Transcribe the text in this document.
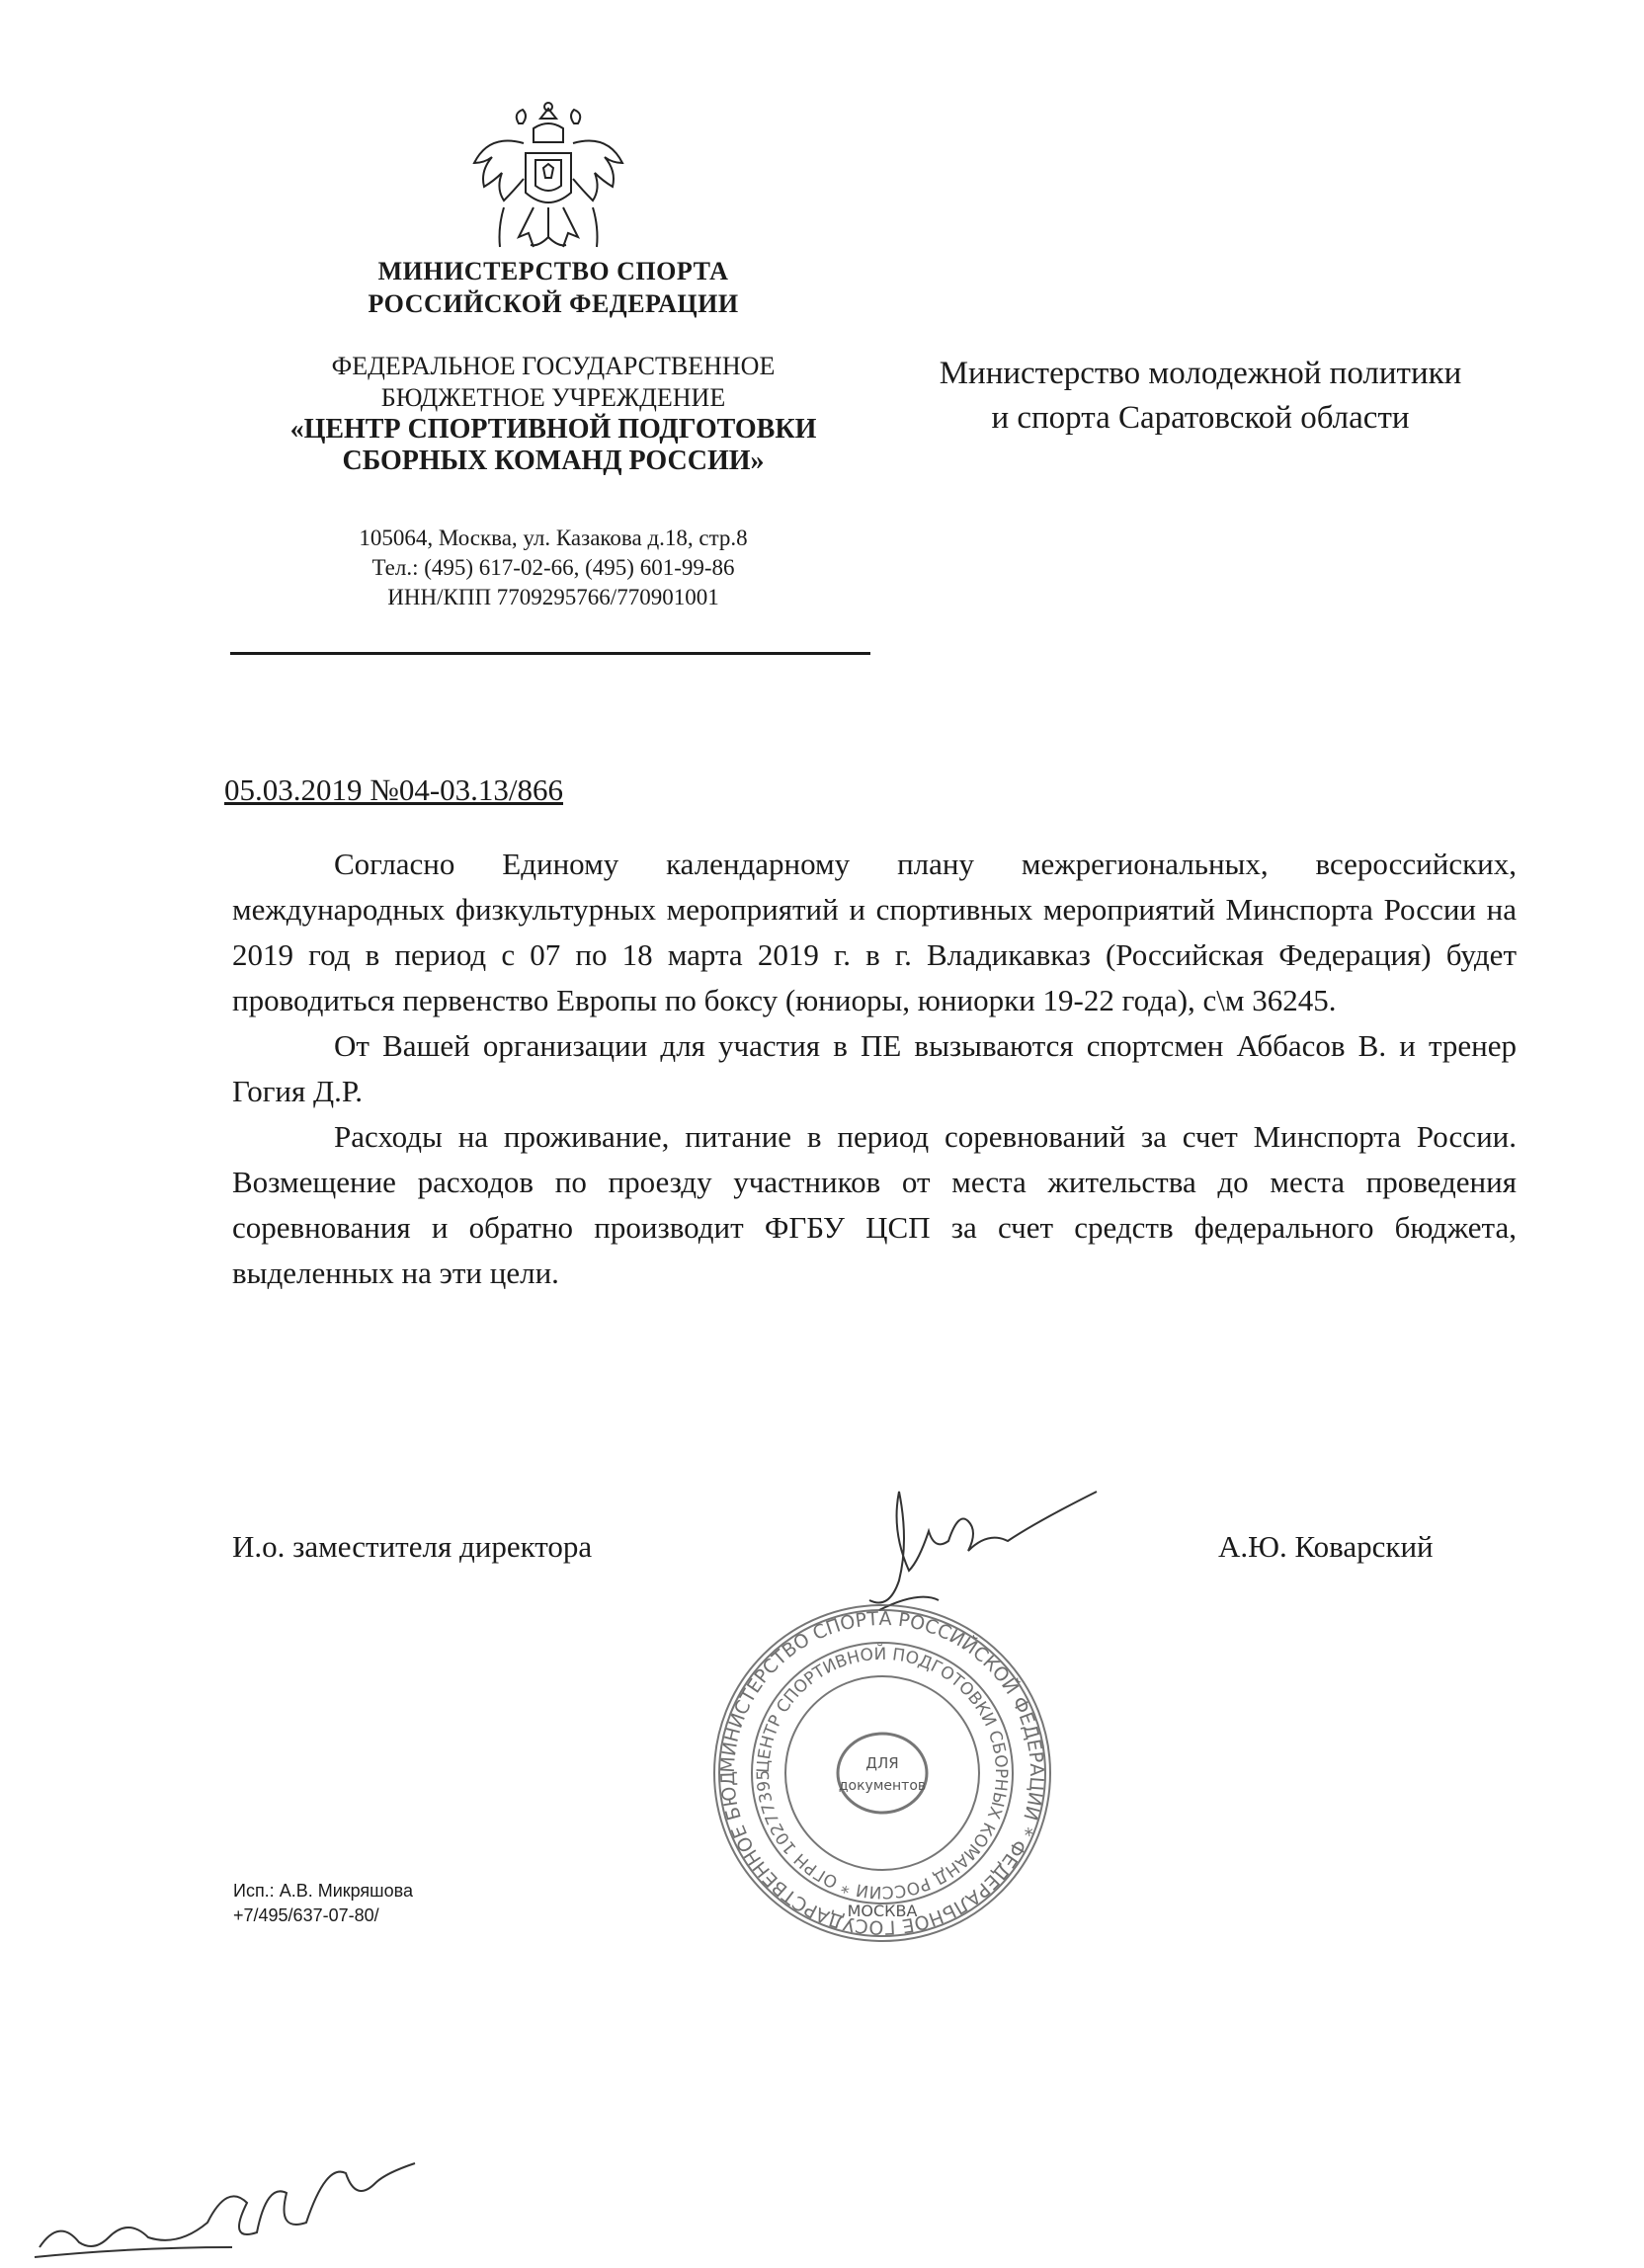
МИНИСТЕРСТВО СПОРТА
РОССИЙСКОЙ ФЕДЕРАЦИИ
ФЕДЕРАЛЬНОЕ ГОСУДАРСТВЕННОЕ
БЮДЖЕТНОЕ УЧРЕЖДЕНИЕ
«ЦЕНТР СПОРТИВНОЙ ПОДГОТОВКИ
СБОРНЫХ КОМАНД РОССИИ»
105064, Москва, ул. Казакова д.18, стр.8
Тел.: (495) 617-02-66, (495) 601-99-86
ИНН/КПП 7709295766/770901001
Министерство молодежной политики
и спорта Саратовской области
05.03.2019 №04-03.13/866

Согласно Единому календарному плану межрегиональных, всероссийских, международных физкультурных мероприятий и спортивных мероприятий Минспорта России на 2019 год в период с 07 по 18 марта 2019 г. в г. Владикавказ (Российская Федерация) будет проводиться первенство Европы по боксу (юниоры, юниорки 19-22 года), с\м 36245.

От Вашей организации для участия в ПЕ вызываются спортсмен Аббасов В. и тренер Гогия Д.Р.

Расходы на проживание, питание в период соревнований за счет Минспорта России. Возмещение расходов по проезду участников от места жительства до места проведения соревнования и обратно производит ФГБУ ЦСП за счет средств федерального бюджета, выделенных на эти цели.

И.о. заместителя директора	А.Ю. Коварский
МИНИСТЕРСТВО СПОРТА РОССИЙСКОЙ ФЕДЕРАЦИИ * ФЕДЕРАЛЬНОЕ ГОСУДАРСТВЕННОЕ БЮД
ЦЕНТР СПОРТИВНОЙ ПОДГОТОВКИ СБОРНЫХ КОМАНД РОССИИ * ОГРН 10277395
ДЛЯ
документов
МОСКВА
Исп.: А.В. Микряшова
+7/495/637-07-80/
